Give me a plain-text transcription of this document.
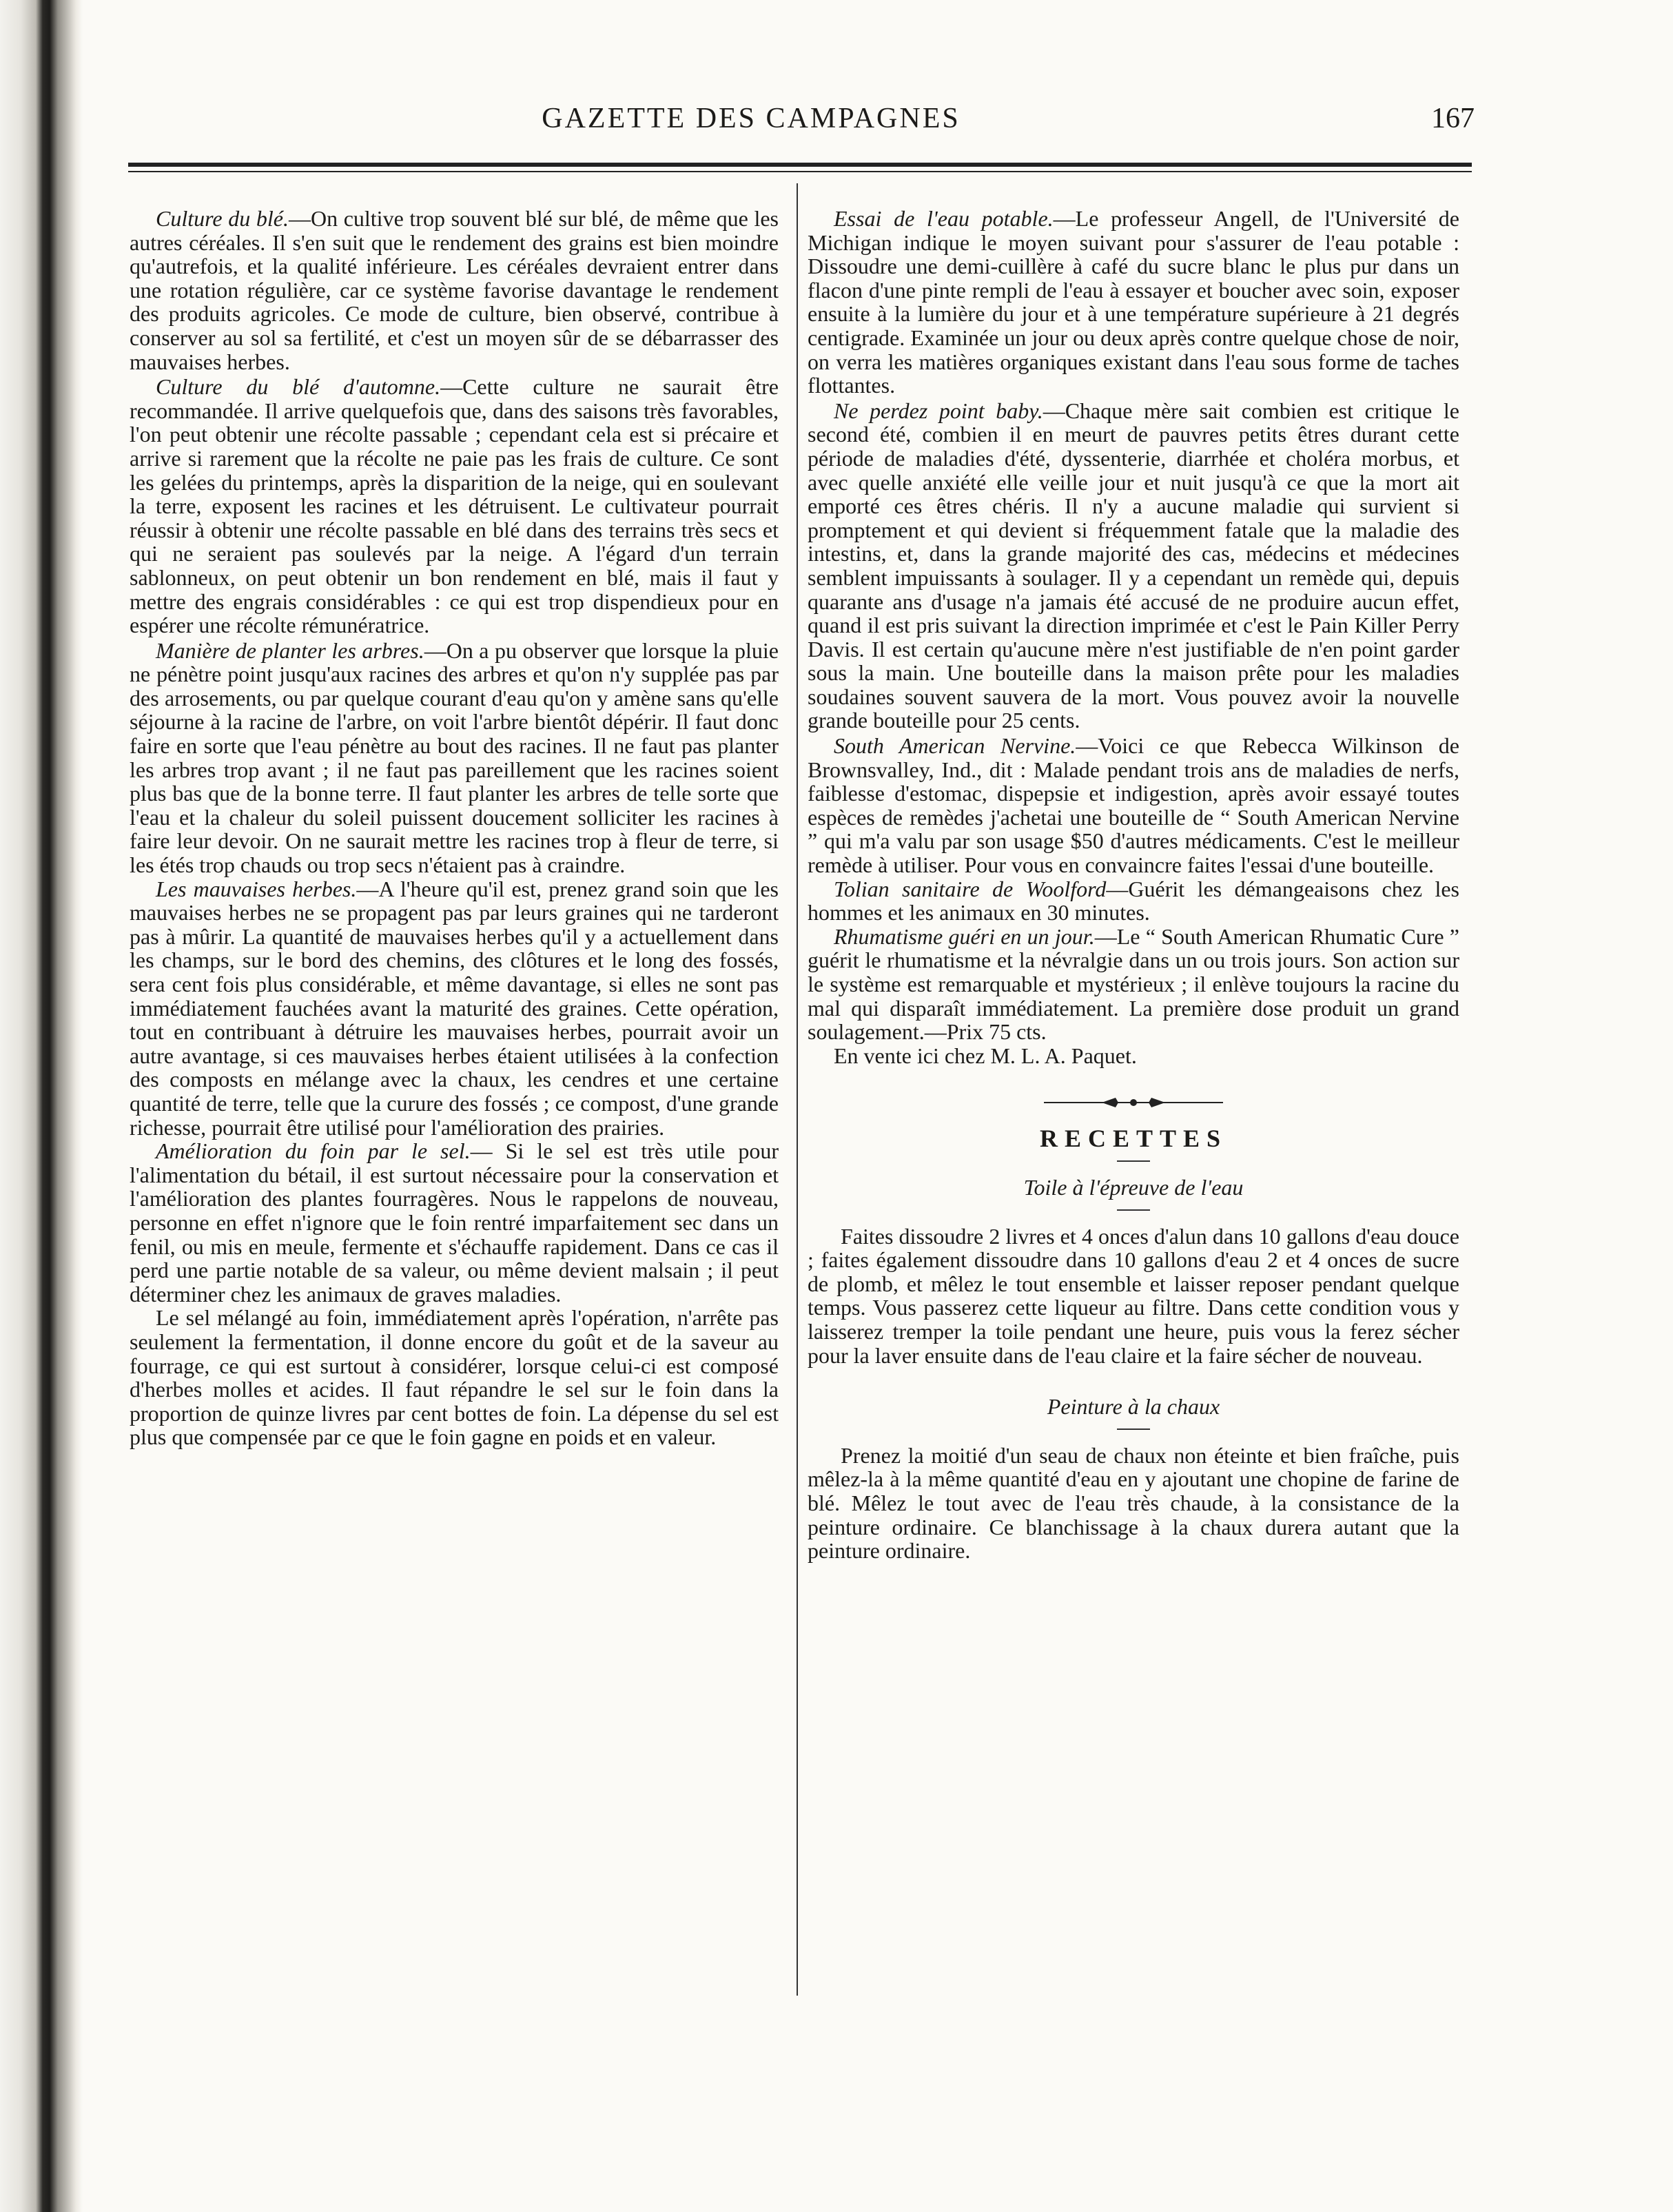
GAZETTE DES CAMPAGNES	167

Culture du blé.—On cultive trop souvent blé sur blé, de même que les autres céréales. Il s'en suit que le rendement des grains est bien moindre qu'autrefois, et la qualité inférieure. Les céréales devraient entrer dans une rotation régulière, car ce système favorise davantage le rendement des produits agricoles. Ce mode de culture, bien observé, contribue à conserver au sol sa fertilité, et c'est un moyen sûr de se débarrasser des mauvaises herbes.

Culture du blé d'automne.—Cette culture ne saurait être recommandée. Il arrive quelquefois que, dans des saisons très favorables, l'on peut obtenir une récolte passable ; cependant cela est si précaire et arrive si rarement que la récolte ne paie pas les frais de culture. Ce sont les gelées du printemps, après la disparition de la neige, qui en soulevant la terre, exposent les racines et les détruisent. Le cultivateur pourrait réussir à obtenir une récolte passable en blé dans des terrains très secs et qui ne seraient pas soulevés par la neige. A l'égard d'un terrain sablonneux, on peut obtenir un bon rendement en blé, mais il faut y mettre des engrais considérables : ce qui est trop dispendieux pour en espérer une récolte rémunératrice.

Manière de planter les arbres.—On a pu observer que lorsque la pluie ne pénètre point jusqu'aux racines des arbres et qu'on n'y supplée pas par des arrosements, ou par quelque courant d'eau qu'on y amène sans qu'elle séjourne à la racine de l'arbre, on voit l'arbre bientôt dépérir. Il faut donc faire en sorte que l'eau pénètre au bout des racines. Il ne faut pas planter les arbres trop avant ; il ne faut pas pareillement que les racines soient plus bas que de la bonne terre. Il faut planter les arbres de telle sorte que l'eau et la chaleur du soleil puissent doucement solliciter les racines à faire leur devoir. On ne saurait mettre les racines trop à fleur de terre, si les étés trop chauds ou trop secs n'étaient pas à craindre.

Les mauvaises herbes.—A l'heure qu'il est, prenez grand soin que les mauvaises herbes ne se propagent pas par leurs graines qui ne tarderont pas à mûrir. La quantité de mauvaises herbes qu'il y a actuellement dans les champs, sur le bord des chemins, des clôtures et le long des fossés, sera cent fois plus considérable, et même davantage, si elles ne sont pas immédiatement fauchées avant la maturité des graines. Cette opération, tout en contribuant à détruire les mauvaises herbes, pourrait avoir un autre avantage, si ces mauvaises herbes étaient utilisées à la confection des composts en mélange avec la chaux, les cendres et une certaine quantité de terre, telle que la curure des fossés ; ce compost, d'une grande richesse, pourrait être utilisé pour l'amélioration des prairies.

Amélioration du foin par le sel.— Si le sel est très utile pour l'alimentation du bétail, il est surtout nécessaire pour la conservation et l'amélioration des plantes fourragères. Nous le rappelons de nouveau, personne en effet n'ignore que le foin rentré imparfaitement sec dans un fenil, ou mis en meule, fermente et s'échauffe rapidement. Dans ce cas il perd une partie notable de sa valeur, ou même devient malsain ; il peut déterminer chez les animaux de graves maladies.

Le sel mélangé au foin, immédiatement après l'opération, n'arrête pas seulement la fermentation, il donne encore du goût et de la saveur au fourrage, ce qui est surtout à considérer, lorsque celui-ci est composé d'herbes molles et acides. Il faut répandre le sel sur le foin dans la proportion de quinze livres par cent bottes de foin. La dépense du sel est plus que compensée par ce que le foin gagne en poids et en valeur.

Essai de l'eau potable.—Le professeur Angell, de l'Université de Michigan indique le moyen suivant pour s'assurer de l'eau potable : Dissoudre une demi-cuillère à café du sucre blanc le plus pur dans un flacon d'une pinte rempli de l'eau à essayer et boucher avec soin, exposer ensuite à la lumière du jour et à une température supérieure à 21 degrés centigrade. Examinée un jour ou deux après contre quelque chose de noir, on verra les matières organiques existant dans l'eau sous forme de taches flottantes.

Ne perdez point baby.—Chaque mère sait combien est critique le second été, combien il en meurt de pauvres petits êtres durant cette période de maladies d'été, dyssenterie, diarrhée et choléra morbus, et avec quelle anxiété elle veille jour et nuit jusqu'à ce que la mort ait emporté ces êtres chéris. Il n'y a aucune maladie qui survient si promptement et qui devient si fréquemment fatale que la maladie des intestins, et, dans la grande majorité des cas, médecins et médecines semblent impuissants à soulager. Il y a cependant un remède qui, depuis quarante ans d'usage n'a jamais été accusé de ne produire aucun effet, quand il est pris suivant la direction imprimée et c'est le Pain Killer Perry Davis. Il est certain qu'aucune mère n'est justifiable de n'en point garder sous la main. Une bouteille dans la maison prête pour les maladies soudaines souvent sauvera de la mort. Vous pouvez avoir la nouvelle grande bouteille pour 25 cents.

South American Nervine.—Voici ce que Rebecca Wilkinson de Brownsvalley, Ind., dit : Malade pendant trois ans de maladies de nerfs, faiblesse d'estomac, dispepsie et indigestion, après avoir essayé toutes espèces de remèdes j'achetai une bouteille de “ South American Nervine ” qui m'a valu par son usage $50 d'autres médicaments. C'est le meilleur remède à utiliser. Pour vous en convaincre faites l'essai d'une bouteille.

Tolian sanitaire de Woolford—Guérit les démangeaisons chez les hommes et les animaux en 30 minutes.

Rhumatisme guéri en un jour.—Le “ South American Rhumatic Cure ” guérit le rhumatisme et la névralgie dans un ou trois jours. Son action sur le système est remarquable et mystérieux ; il enlève toujours la racine du mal qui disparaît immédiatement. La première dose produit un grand soulagement.—Prix 75 cts.

En vente ici chez M. L. A. Paquet.

RECETTES
Toile à l'épreuve de l'eau

Faites dissoudre 2 livres et 4 onces d'alun dans 10 gallons d'eau douce ; faites également dissoudre dans 10 gallons d'eau 2 et 4 onces de sucre de plomb, et mêlez le tout ensemble et laisser reposer pendant quelque temps. Vous passerez cette liqueur au filtre. Dans cette condition vous y laisserez tremper la toile pendant une heure, puis vous la ferez sécher pour la laver ensuite dans de l'eau claire et la faire sécher de nouveau.

Peinture à la chaux

Prenez la moitié d'un seau de chaux non éteinte et bien fraîche, puis mêlez-la à la même quantité d'eau en y ajoutant une chopine de farine de blé. Mêlez le tout avec de l'eau très chaude, à la consistance de la peinture ordinaire. Ce blanchissage à la chaux durera autant que la peinture ordinaire.
